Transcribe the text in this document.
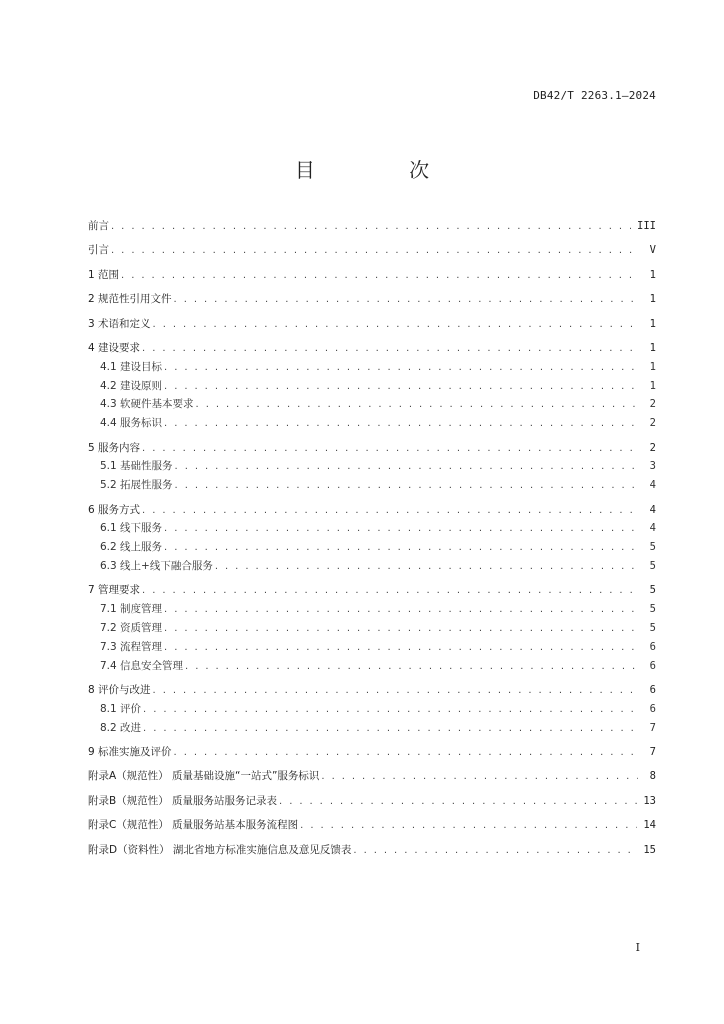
DB42/T 2263.1—2024
目 次
前言 . . .	III
引言 . . .	V
1 范围 . . .	1
2 规范性引用文件 . . .	1
3 术语和定义 . . .	1
4 建设要求 . . .	1
4.1 建设目标 . . .	1
4.2 建设原则 . . .	1
4.3 软硬件基本要求 . . .	2
4.4 服务标识 . . .	2
5 服务内容 . . .	2
5.1 基础性服务 . . .	3
5.2 拓展性服务 . . .	4
6 服务方式 . . .	4
6.1 线下服务 . . .	4
6.2 线上服务 . . .	5
6.3 线上+线下融合服务 . . .	5
7 管理要求 . . .	5
7.1 制度管理 . . .	5
7.2 资质管理 . . .	5
7.3 流程管理 . . .	6
7.4 信息安全管理 . . .	6
8 评价与改进 . . .	6
8.1 评价 . . .	6
8.2 改进 . . .	7
9 标准实施及评价 . . .	7
附录A（规范性） 质量基础设施“一站式”服务标识 . . .	8
附录B（规范性） 质量服务站服务记录表 . . .	13
附录C（规范性） 质量服务站基本服务流程图 . . .	14
附录D（资料性） 湖北省地方标准实施信息及意见反馈表 . . .	15
I
